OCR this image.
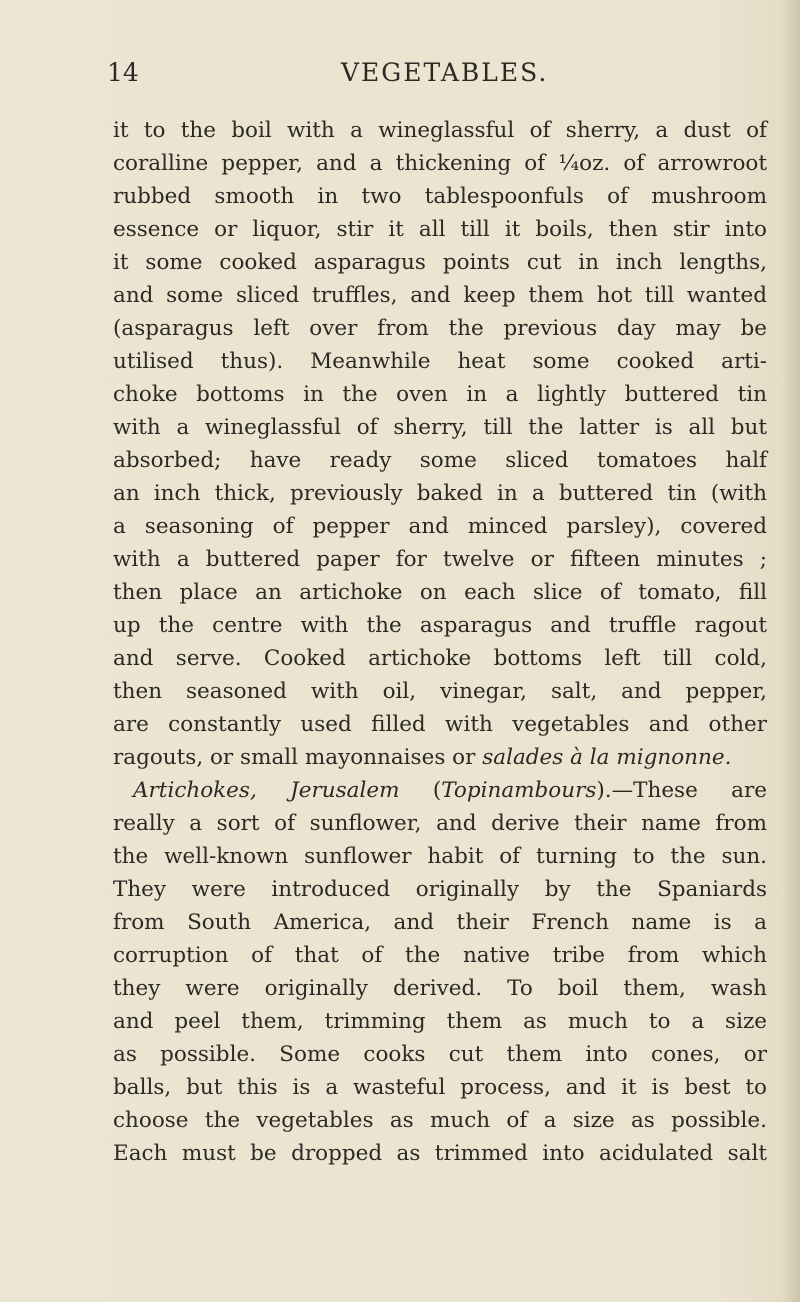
14	VEGETABLES.
it to the boil with a wineglassful of sherry, a dust of
coralline pepper, and a thickening of ¼oz. of arrowroot
rubbed smooth in two tablespoonfuls of mushroom
essence or liquor, stir it all till it boils, then stir into
it some cooked asparagus points cut in inch lengths,
and some sliced truffles, and keep them hot till wanted
(asparagus left over from the previous day may be
utilised thus). Meanwhile heat some cooked arti-
choke bottoms in the oven in a lightly buttered tin
with a wineglassful of sherry, till the latter is all but
absorbed; have ready some sliced tomatoes half
an inch thick, previously baked in a buttered tin (with
a seasoning of pepper and minced parsley), covered
with a buttered paper for twelve or fifteen minutes ;
then place an artichoke on each slice of tomato, fill
up the centre with the asparagus and truffle ragout
and serve. Cooked artichoke bottoms left till cold,
then seasoned with oil, vinegar, salt, and pepper,
are constantly used filled with vegetables and other
ragouts, or small mayonnaises or salades à la mignonne.
Artichokes, Jerusalem (Topinambours).—These are
really a sort of sunflower, and derive their name from
the well-known sunflower habit of turning to the sun.
They were introduced originally by the Spaniards
from South America, and their French name is a
corruption of that of the native tribe from which
they were originally derived. To boil them, wash
and peel them, trimming them as much to a size
as possible. Some cooks cut them into cones, or
balls, but this is a wasteful process, and it is best to
choose the vegetables as much of a size as possible.
Each must be dropped as trimmed into acidulated salt
